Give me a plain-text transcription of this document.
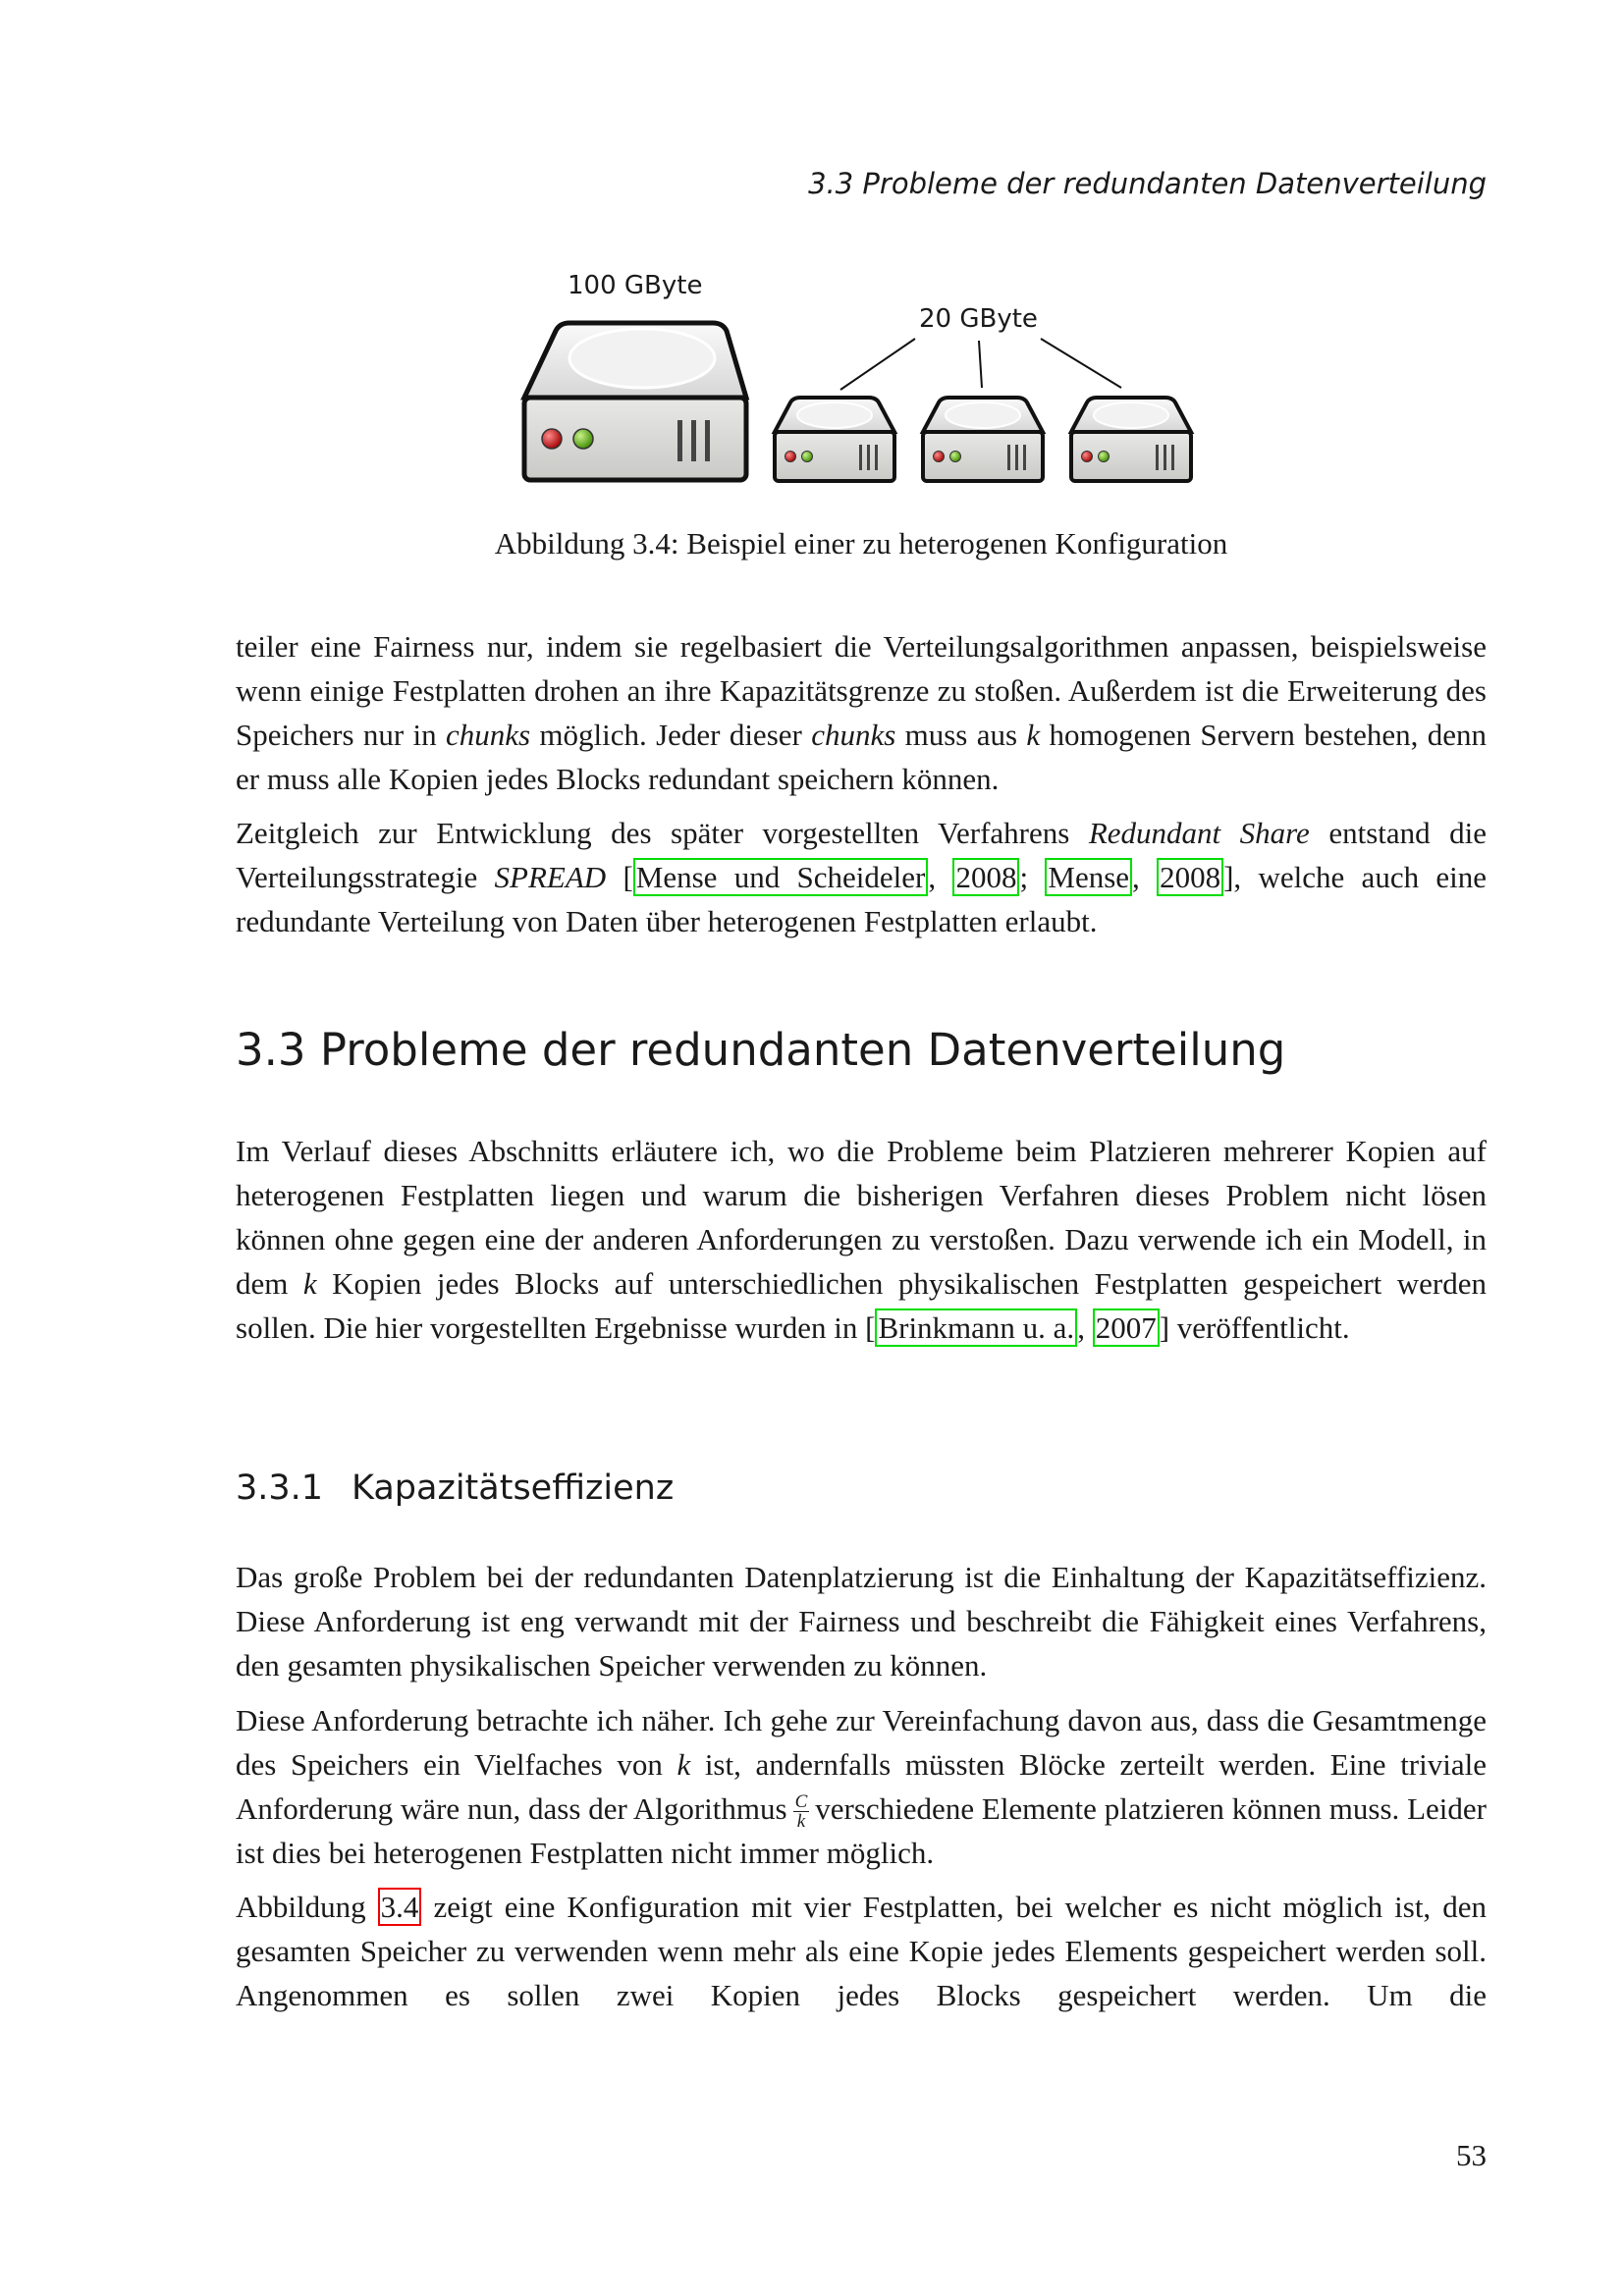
3.3 Probleme der redundanten Datenverteilung
100 GByte
20 GByte
Abbildung 3.4: Beispiel einer zu heterogenen Konfiguration

teiler eine Fairness nur, indem sie regelbasiert die Verteilungsalgorithmen anpassen, beispielsweise wenn einige Festplatten drohen an ihre Kapazitätsgrenze zu stoßen. Außerdem ist die Erweiterung des Speichers nur in chunks möglich. Jeder dieser chunks muss aus k homogenen Servern bestehen, denn er muss alle Kopien jedes Blocks redundant speichern können.

Zeitgleich zur Entwicklung des später vorgestellten Verfahrens Redundant Share entstand die Verteilungsstrategie SPREAD [Mense und Scheideler, 2008; Mense, 2008], welche auch eine redundante Verteilung von Daten über heterogenen Festplatten erlaubt.

3.3 Probleme der redundanten Datenverteilung

Im Verlauf dieses Abschnitts erläutere ich, wo die Probleme beim Platzieren mehrerer Kopien auf heterogenen Festplatten liegen und warum die bisherigen Verfahren dieses Problem nicht lösen können ohne gegen eine der anderen Anforderungen zu verstoßen. Dazu verwende ich ein Modell, in dem k Kopien jedes Blocks auf unterschiedlichen physikalischen Festplatten gespeichert werden sollen. Die hier vorgestellten Ergebnisse wurden in [Brinkmann u. a., 2007] veröffentlicht.

3.3.1 Kapazitätseffizienz

Das große Problem bei der redundanten Datenplatzierung ist die Einhaltung der Kapazitätseffizienz. Diese Anforderung ist eng verwandt mit der Fairness und beschreibt die Fähigkeit eines Verfahrens, den gesamten physikalischen Speicher verwenden zu können.

Diese Anforderung betrachte ich näher. Ich gehe zur Vereinfachung davon aus, dass die Gesamtmenge des Speichers ein Vielfaches von k ist, andernfalls müssten Blöcke zerteilt werden. Eine triviale Anforderung wäre nun, dass der Algorithmus $\frac{C}{k}$ verschiedene Elemente platzieren können muss. Leider ist dies bei heterogenen Festplatten nicht immer möglich.

Abbildung 3.4 zeigt eine Konfiguration mit vier Festplatten, bei welcher es nicht möglich ist, den gesamten Speicher zu verwenden wenn mehr als eine Kopie jedes Elements gespeichert werden soll. Angenommen es sollen zwei Kopien jedes Blocks gespeichert werden. Um die

53
